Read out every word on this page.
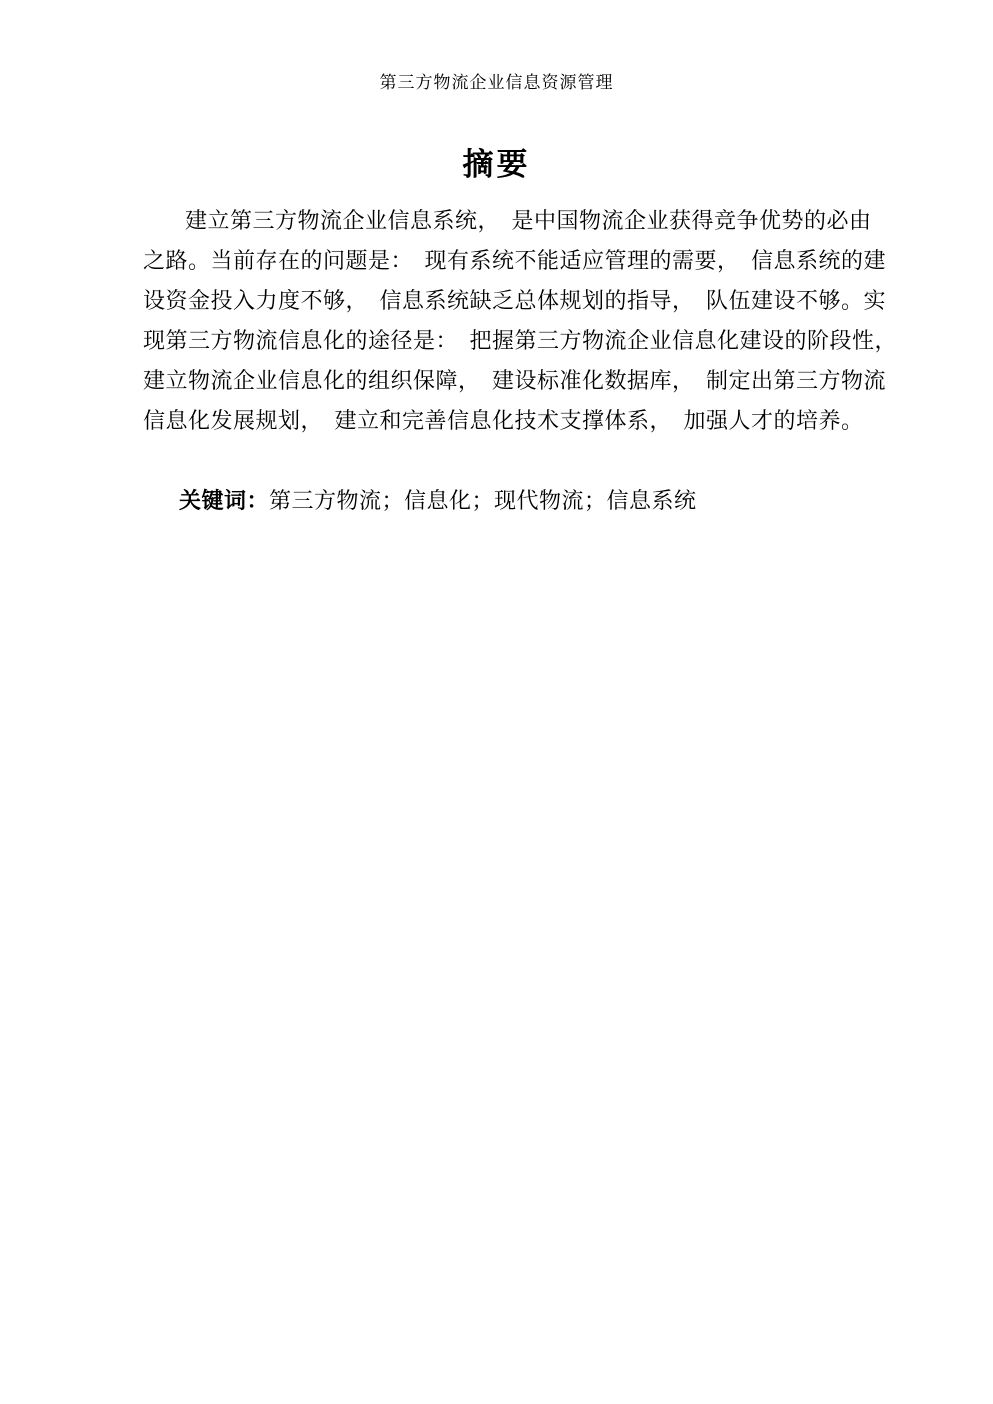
第三方物流企业信息资源管理
摘要
建立第三方物流企业信息系统，　是中国物流企业获得竞争优势的必由
之路。当前存在的问题是：　现有系统不能适应管理的需要，　信息系统的建
设资金投入力度不够，　信息系统缺乏总体规划的指导，　队伍建设不够。实
现第三方物流信息化的途径是：　把握第三方物流企业信息化建设的阶段性，
建立物流企业信息化的组织保障，　建设标准化数据库，　制定出第三方物流
信息化发展规划，　建立和完善信息化技术支撑体系，　加强人才的培养。

关键词：第三方物流；信息化；现代物流；信息系统
